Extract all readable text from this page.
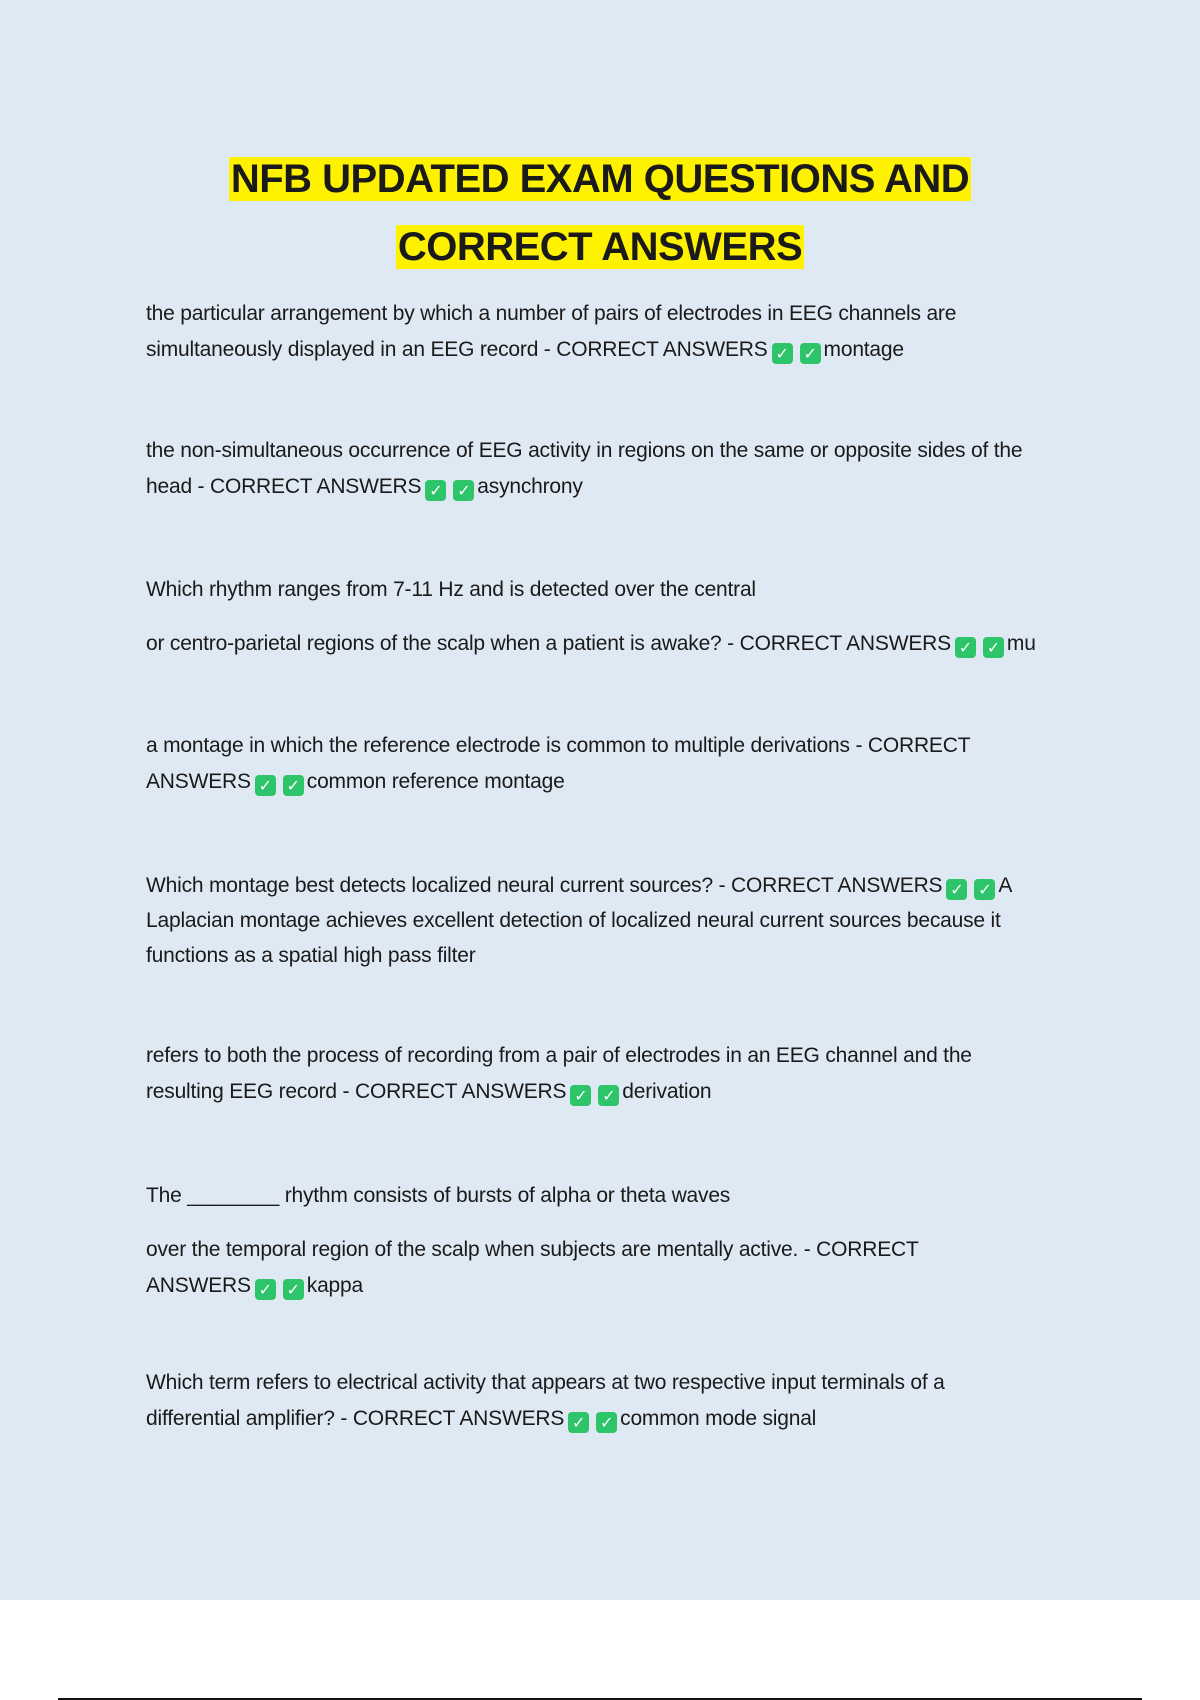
NFB UPDATED EXAM QUESTIONS AND
CORRECT ANSWERS

the particular arrangement by which a number of pairs of electrodes in EEG channels are

simultaneously displayed in an EEG record - CORRECT ANSWERS ✓ ✓ montage

the non-simultaneous occurrence of EEG activity in regions on the same or opposite sides of the

head - CORRECT ANSWERS ✓ ✓ asynchrony

Which rhythm ranges from 7-11 Hz and is detected over the central

or centro-parietal regions of the scalp when a patient is awake? - CORRECT ANSWERS ✓ ✓ mu

a montage in which the reference electrode is common to multiple derivations - CORRECT

ANSWERS ✓ ✓ common reference montage

Which montage best detects localized neural current sources? - CORRECT ANSWERS ✓ ✓ A

Laplacian montage achieves excellent detection of localized neural current sources because it

functions as a spatial high pass filter

refers to both the process of recording from a pair of electrodes in an EEG channel and the

resulting EEG record - CORRECT ANSWERS ✓ ✓ derivation

The ________ rhythm consists of bursts of alpha or theta waves

over the temporal region of the scalp when subjects are mentally active. - CORRECT

ANSWERS ✓ ✓ kappa

Which term refers to electrical activity that appears at two respective input terminals of a

differential amplifier? - CORRECT ANSWERS ✓ ✓ common mode signal
